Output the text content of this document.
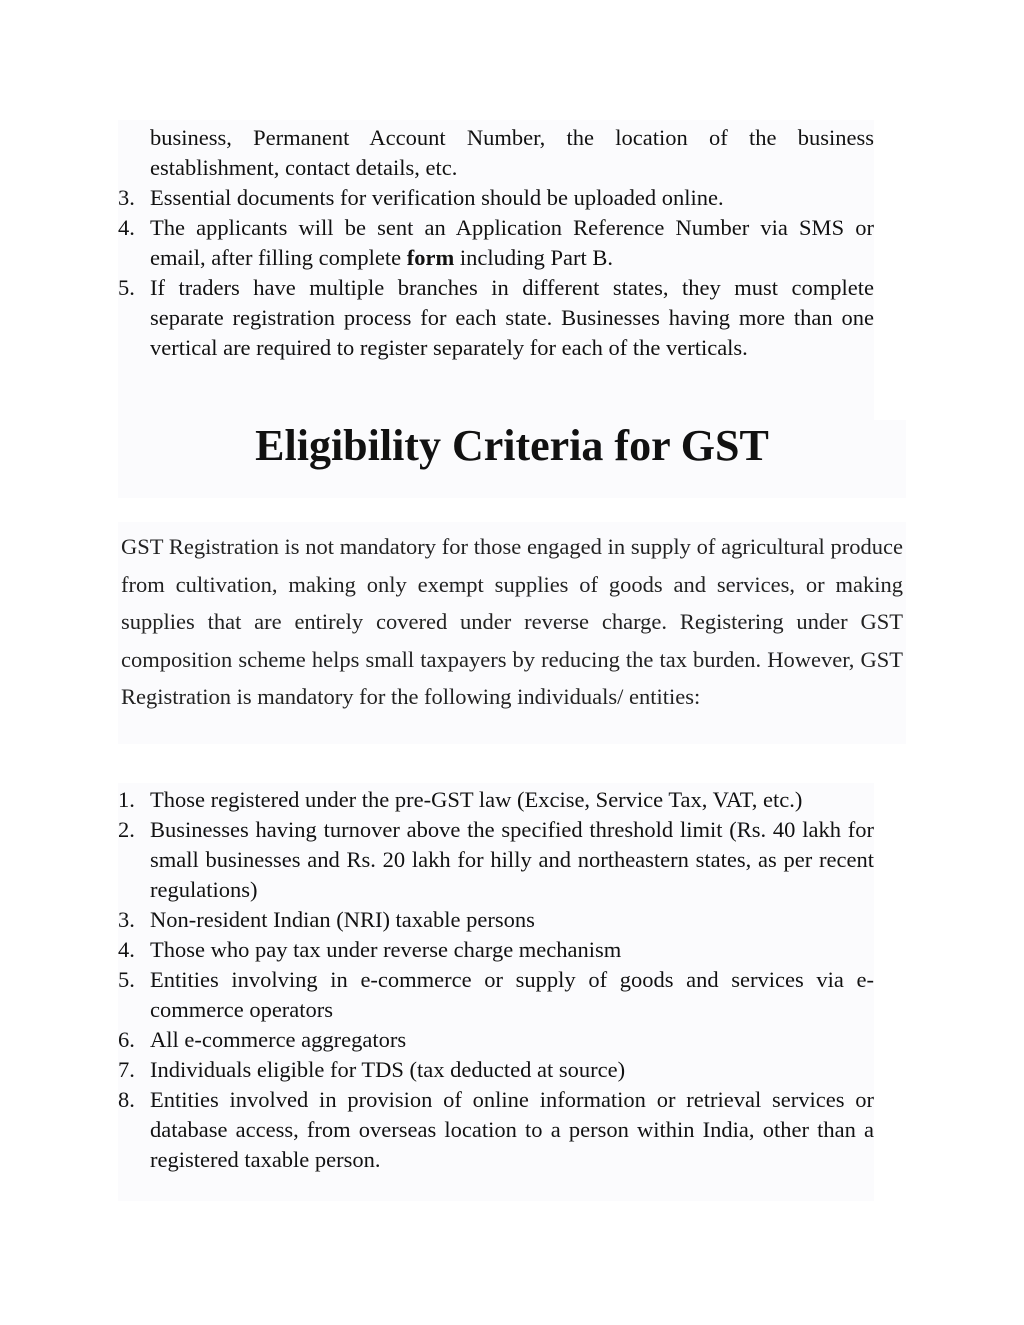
business, Permanent Account Number, the location of the business establishment, contact details, etc.

3. Essential documents for verification should be uploaded online.
4. The applicants will be sent an Application Reference Number via SMS or email, after filling complete form including Part B.
5. If traders have multiple branches in different states, they must complete separate registration process for each state. Businesses having more than one vertical are required to register separately for each of the verticals.
Eligibility Criteria for GST

GST Registration is not mandatory for those engaged in supply of agricultural produce from cultivation, making only exempt supplies of goods and services, or making supplies that are entirely covered under reverse charge. Registering under GST composition scheme helps small taxpayers by reducing the tax burden. However, GST Registration is mandatory for the following individuals/ entities:

1. Those registered under the pre-GST law (Excise, Service Tax, VAT, etc.)
2. Businesses having turnover above the specified threshold limit (Rs. 40 lakh for small businesses and Rs. 20 lakh for hilly and northeastern states, as per recent regulations)
3. Non-resident Indian (NRI) taxable persons
4. Those who pay tax under reverse charge mechanism
5. Entities involving in e-commerce or supply of goods and services via e-commerce operators
6. All e-commerce aggregators
7. Individuals eligible for TDS (tax deducted at source)
8. Entities involved in provision of online information or retrieval services or database access, from overseas location to a person within India, other than a registered taxable person.
